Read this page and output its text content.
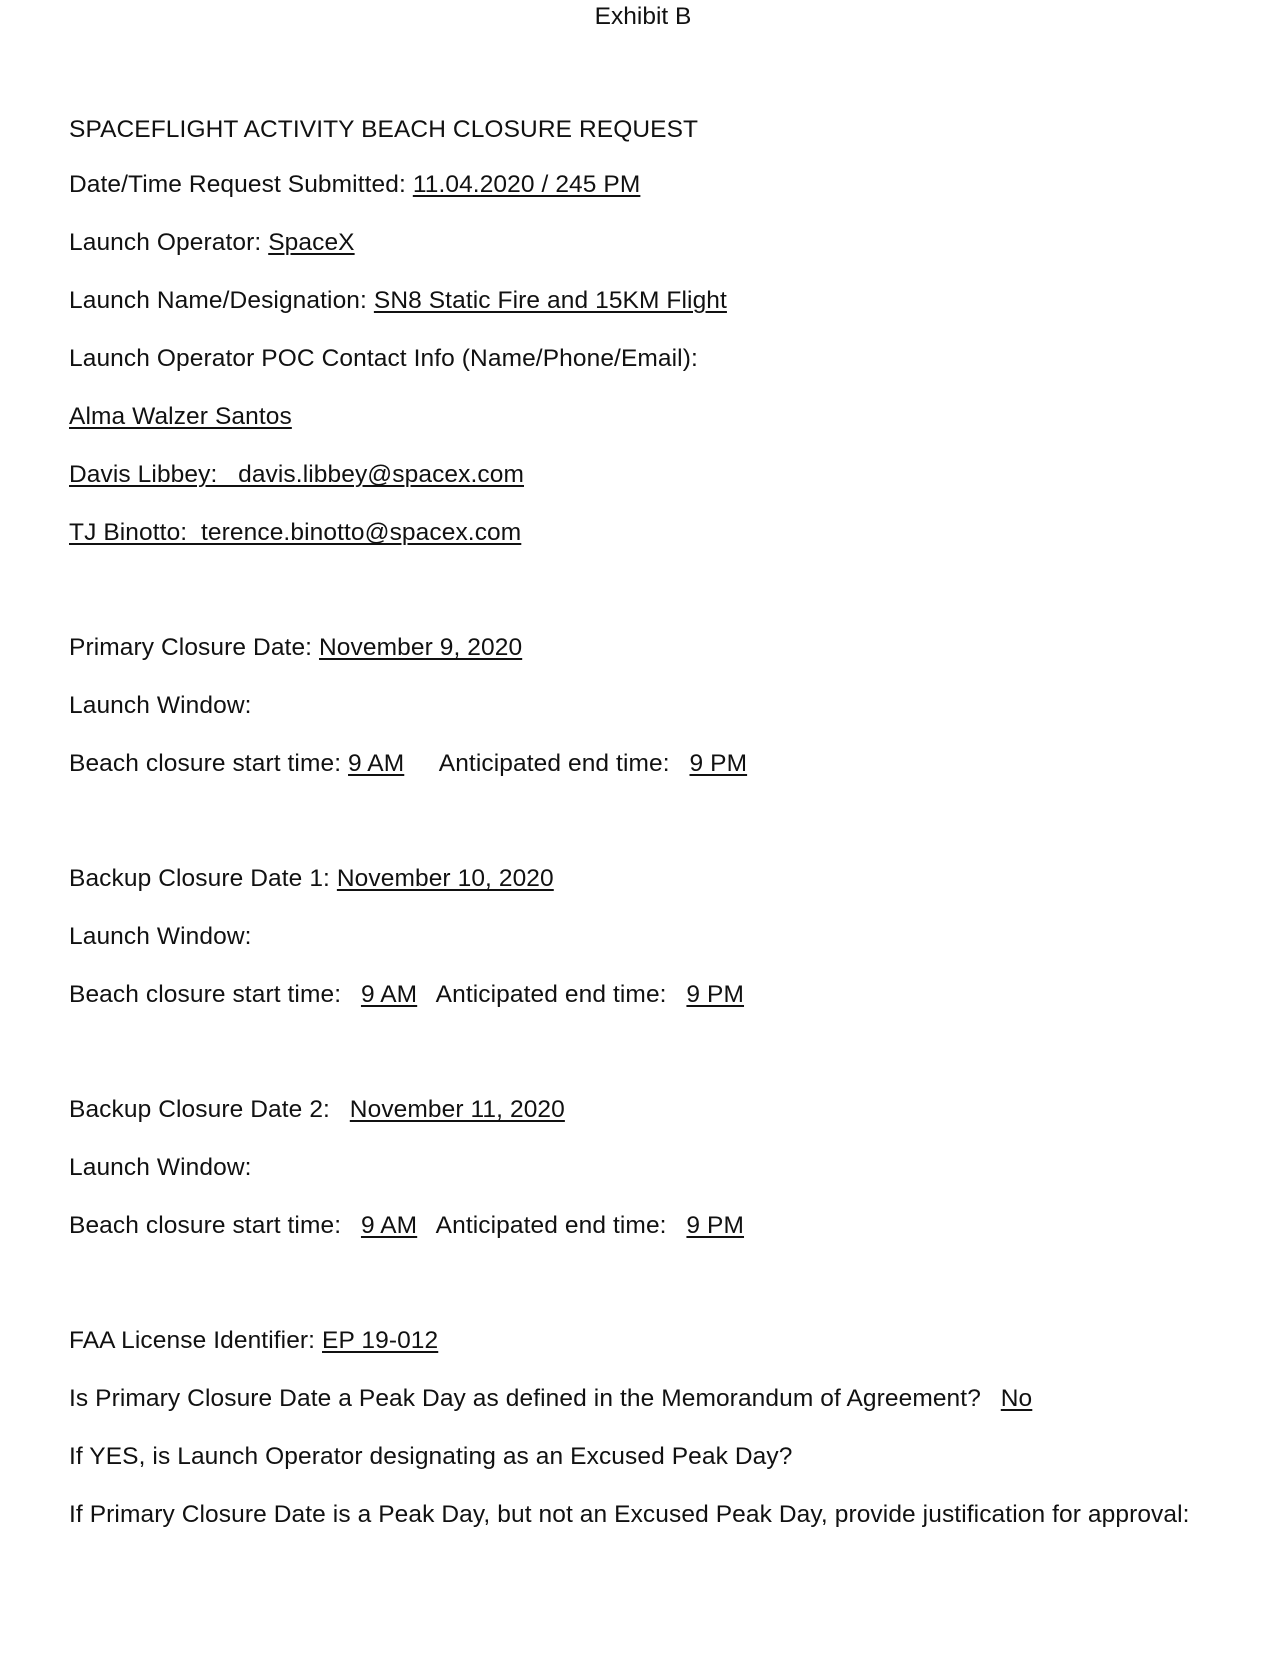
Exhibit B
SPACEFLIGHT ACTIVITY BEACH CLOSURE REQUEST
Date/Time Request Submitted: 11.04.2020 / 245 PM
Launch Operator: SpaceX
Launch Name/Designation: SN8 Static Fire and 15KM Flight
Launch Operator POC Contact Info (Name/Phone/Email):
Alma Walzer Santos
Davis Libbey:   davis.libbey@spacex.com
TJ Binotto:  terence.binotto@spacex.com
Primary Closure Date: November 9, 2020
Launch Window:
Beach closure start time: 9 AM Anticipated end time: 9 PM
Backup Closure Date 1: November 10, 2020
Launch Window:
Beach closure start time: 9 AM Anticipated end time: 9 PM
Backup Closure Date 2: November 11, 2020
Launch Window:
Beach closure start time: 9 AM Anticipated end time: 9 PM
FAA License Identifier: EP 19-012
Is Primary Closure Date a Peak Day as defined in the Memorandum of Agreement? No
If YES, is Launch Operator designating as an Excused Peak Day?
If Primary Closure Date is a Peak Day, but not an Excused Peak Day, provide justification for approval:
